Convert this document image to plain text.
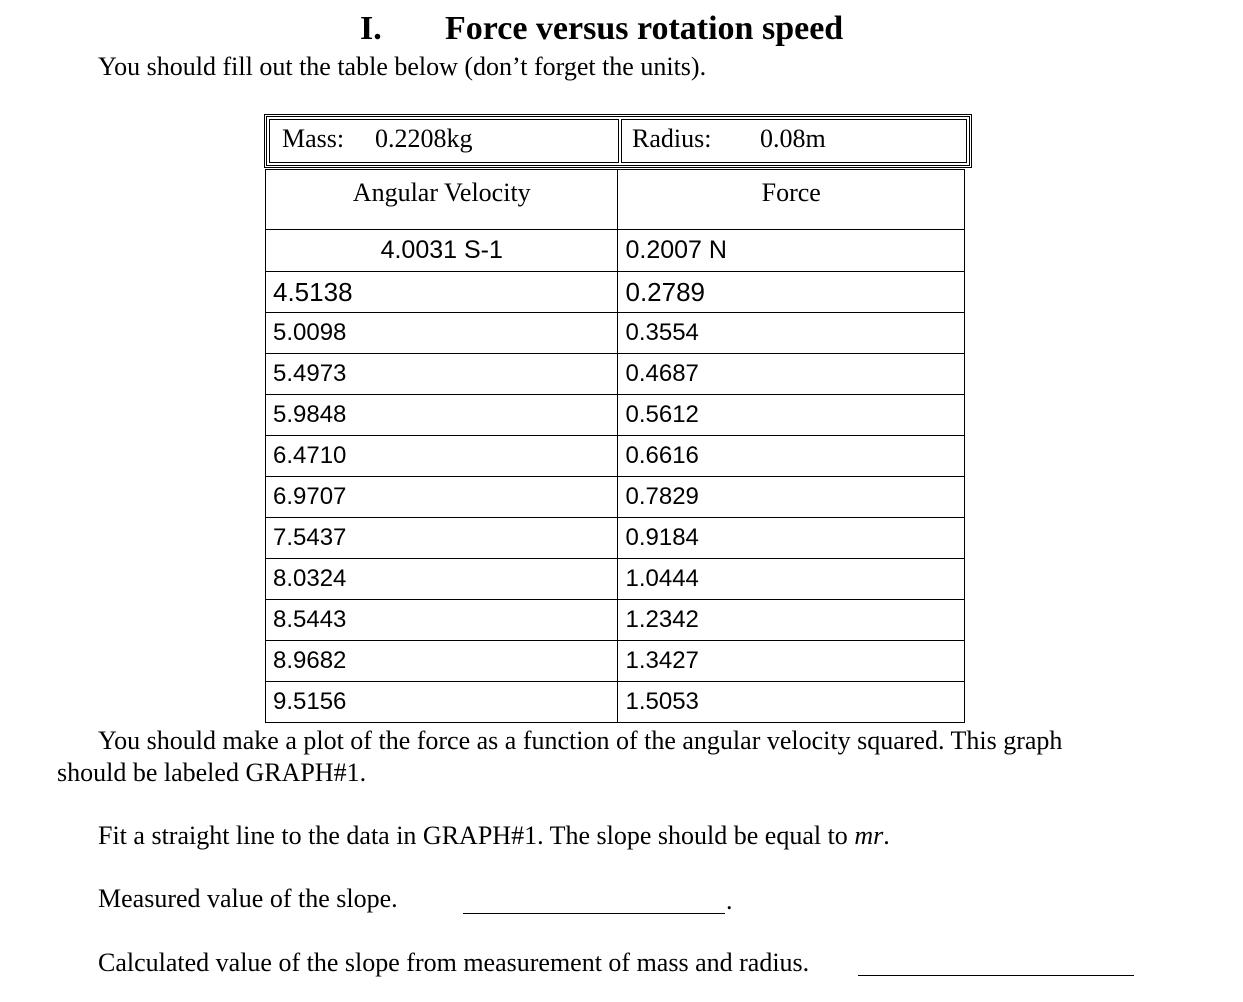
I. Force versus rotation speed
You should fill out the table below (don’t forget the units).
Mass: 0.2208kg	Radius: 0.08m
Angular Velocity	Force
4.0031 S-1	0.2007 N
4.5138	0.2789
5.0098	0.3554
5.4973	0.4687
5.9848	0.5612
6.4710	0.6616
6.9707	0.7829
7.5437	0.9184
8.0324	1.0444
8.5443	1.2342
8.9682	1.3427
9.5156	1.5053
You should make a plot of the force as a function of the angular velocity squared. This graph
should be labeled GRAPH#1.
Fit a straight line to the data in GRAPH#1. The slope should be equal to mr.
Measured value of the slope.	.
Calculated value of the slope from measurement of mass and radius.
